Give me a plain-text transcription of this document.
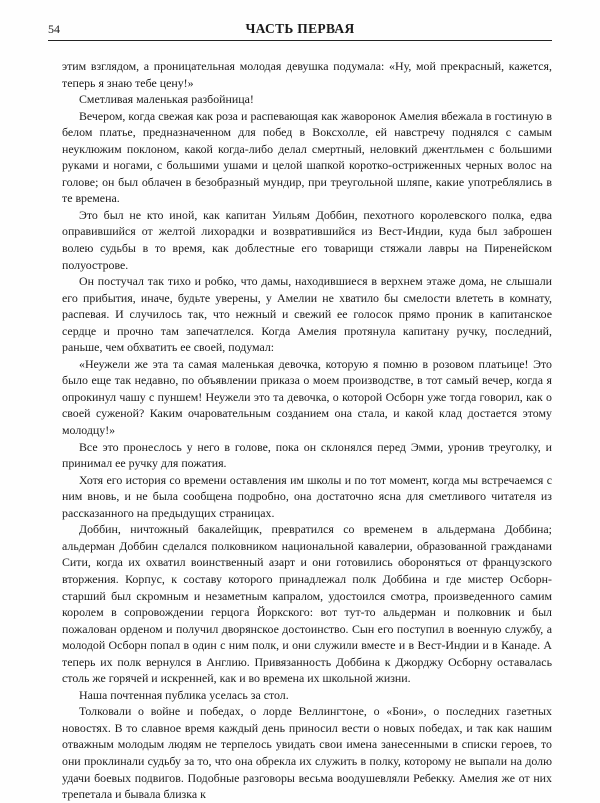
54	ЧАСТЬ ПЕРВАЯ

этим взглядом, а проницательная молодая девушка подумала: «Ну, мой прекрасный, кажется, теперь я знаю тебе цену!»

Сметливая маленькая разбойница!

Вечером, когда свежая как роза и распевающая как жаворонок Амелия вбежала в гостиную в белом платье, предназначенном для побед в Воксхолле, ей навстречу поднялся с самым неуклюжим поклоном, какой когда-либо делал смертный, неловкий джентльмен с большими руками и ногами, с большими ушами и целой шапкой коротко-остриженных черных волос на голове; он был облачен в безобразный мундир, при треугольной шляпе, какие употреблялись в те времена.

Это был не кто иной, как капитан Уильям Доббин, пехотного королевского полка, едва оправившийся от желтой лихорадки и возвратившийся из Вест-Индии, куда был заброшен волею судьбы в то время, как доблестные его товарищи стяжали лавры на Пиренейском полуострове.

Он постучал так тихо и робко, что дамы, находившиеся в верхнем этаже дома, не слышали его прибытия, иначе, будьте уверены, у Амелии не хватило бы смелости влететь в комнату, распевая. И случилось так, что нежный и свежий ее голосок прямо проник в капитанское сердце и прочно там запечатлелся. Когда Амелия протянула капитану ручку, последний, раньше, чем обхватить ее своей, подумал:

«Неужели же эта та самая маленькая девочка, которую я помню в розовом платьице! Это было еще так недавно, по объявлении приказа о моем производстве, в тот самый вечер, когда я опрокинул чашу с пуншем! Неужели это та девочка, о которой Осборн уже тогда говорил, как о своей суженой? Каким очаровательным созданием она стала, и какой клад достается этому молодцу!»

Все это пронеслось у него в голове, пока он склонялся перед Эмми, уронив треуголку, и принимал ее ручку для пожатия.

Хотя его история со времени оставления им школы и по тот момент, когда мы встречаемся с ним вновь, и не была сообщена подробно, она достаточно ясна для сметливого читателя из рассказанного на предыдущих страницах.

Доббин, ничтожный бакалейщик, превратился со временем в альдермана Доббина; альдерман Доббин сделался полковником национальной кавалерии, образованной гражданами Сити, когда их охватил воинственный азарт и они готовились обороняться от французского вторжения. Корпус, к составу которого принадлежал полк Доббина и где мистер Осборн-старший был скромным и незаметным капралом, удостоился смотра, произведенного самим королем в сопровождении герцога Йоркского: вот тут-то альдерман и полковник и был пожалован орденом и получил дворянское достоинство. Сын его поступил в военную службу, а молодой Осборн попал в один с ним полк, и они служили вместе и в Вест-Индии и в Канаде. А теперь их полк вернулся в Англию. Привязанность Доббина к Джорджу Осборну оставалась столь же горячей и искренней, как и во времена их школьной жизни.

Наша почтенная публика уселась за стол.

Толковали о войне и победах, о лорде Веллингтоне, о «Бони», о последних газетных новостях. В то славное время каждый день приносил вести о новых победах, и так как нашим отважным молодым людям не терпелось увидать свои имена занесенными в списки героев, то они проклинали судьбу за то, что она обрекла их служить в полку, которому не выпали на долю удачи боевых подвигов. Подобные разговоры весьма воодушевляли Ребекку. Амелия же от них трепетала и бывала близка к
